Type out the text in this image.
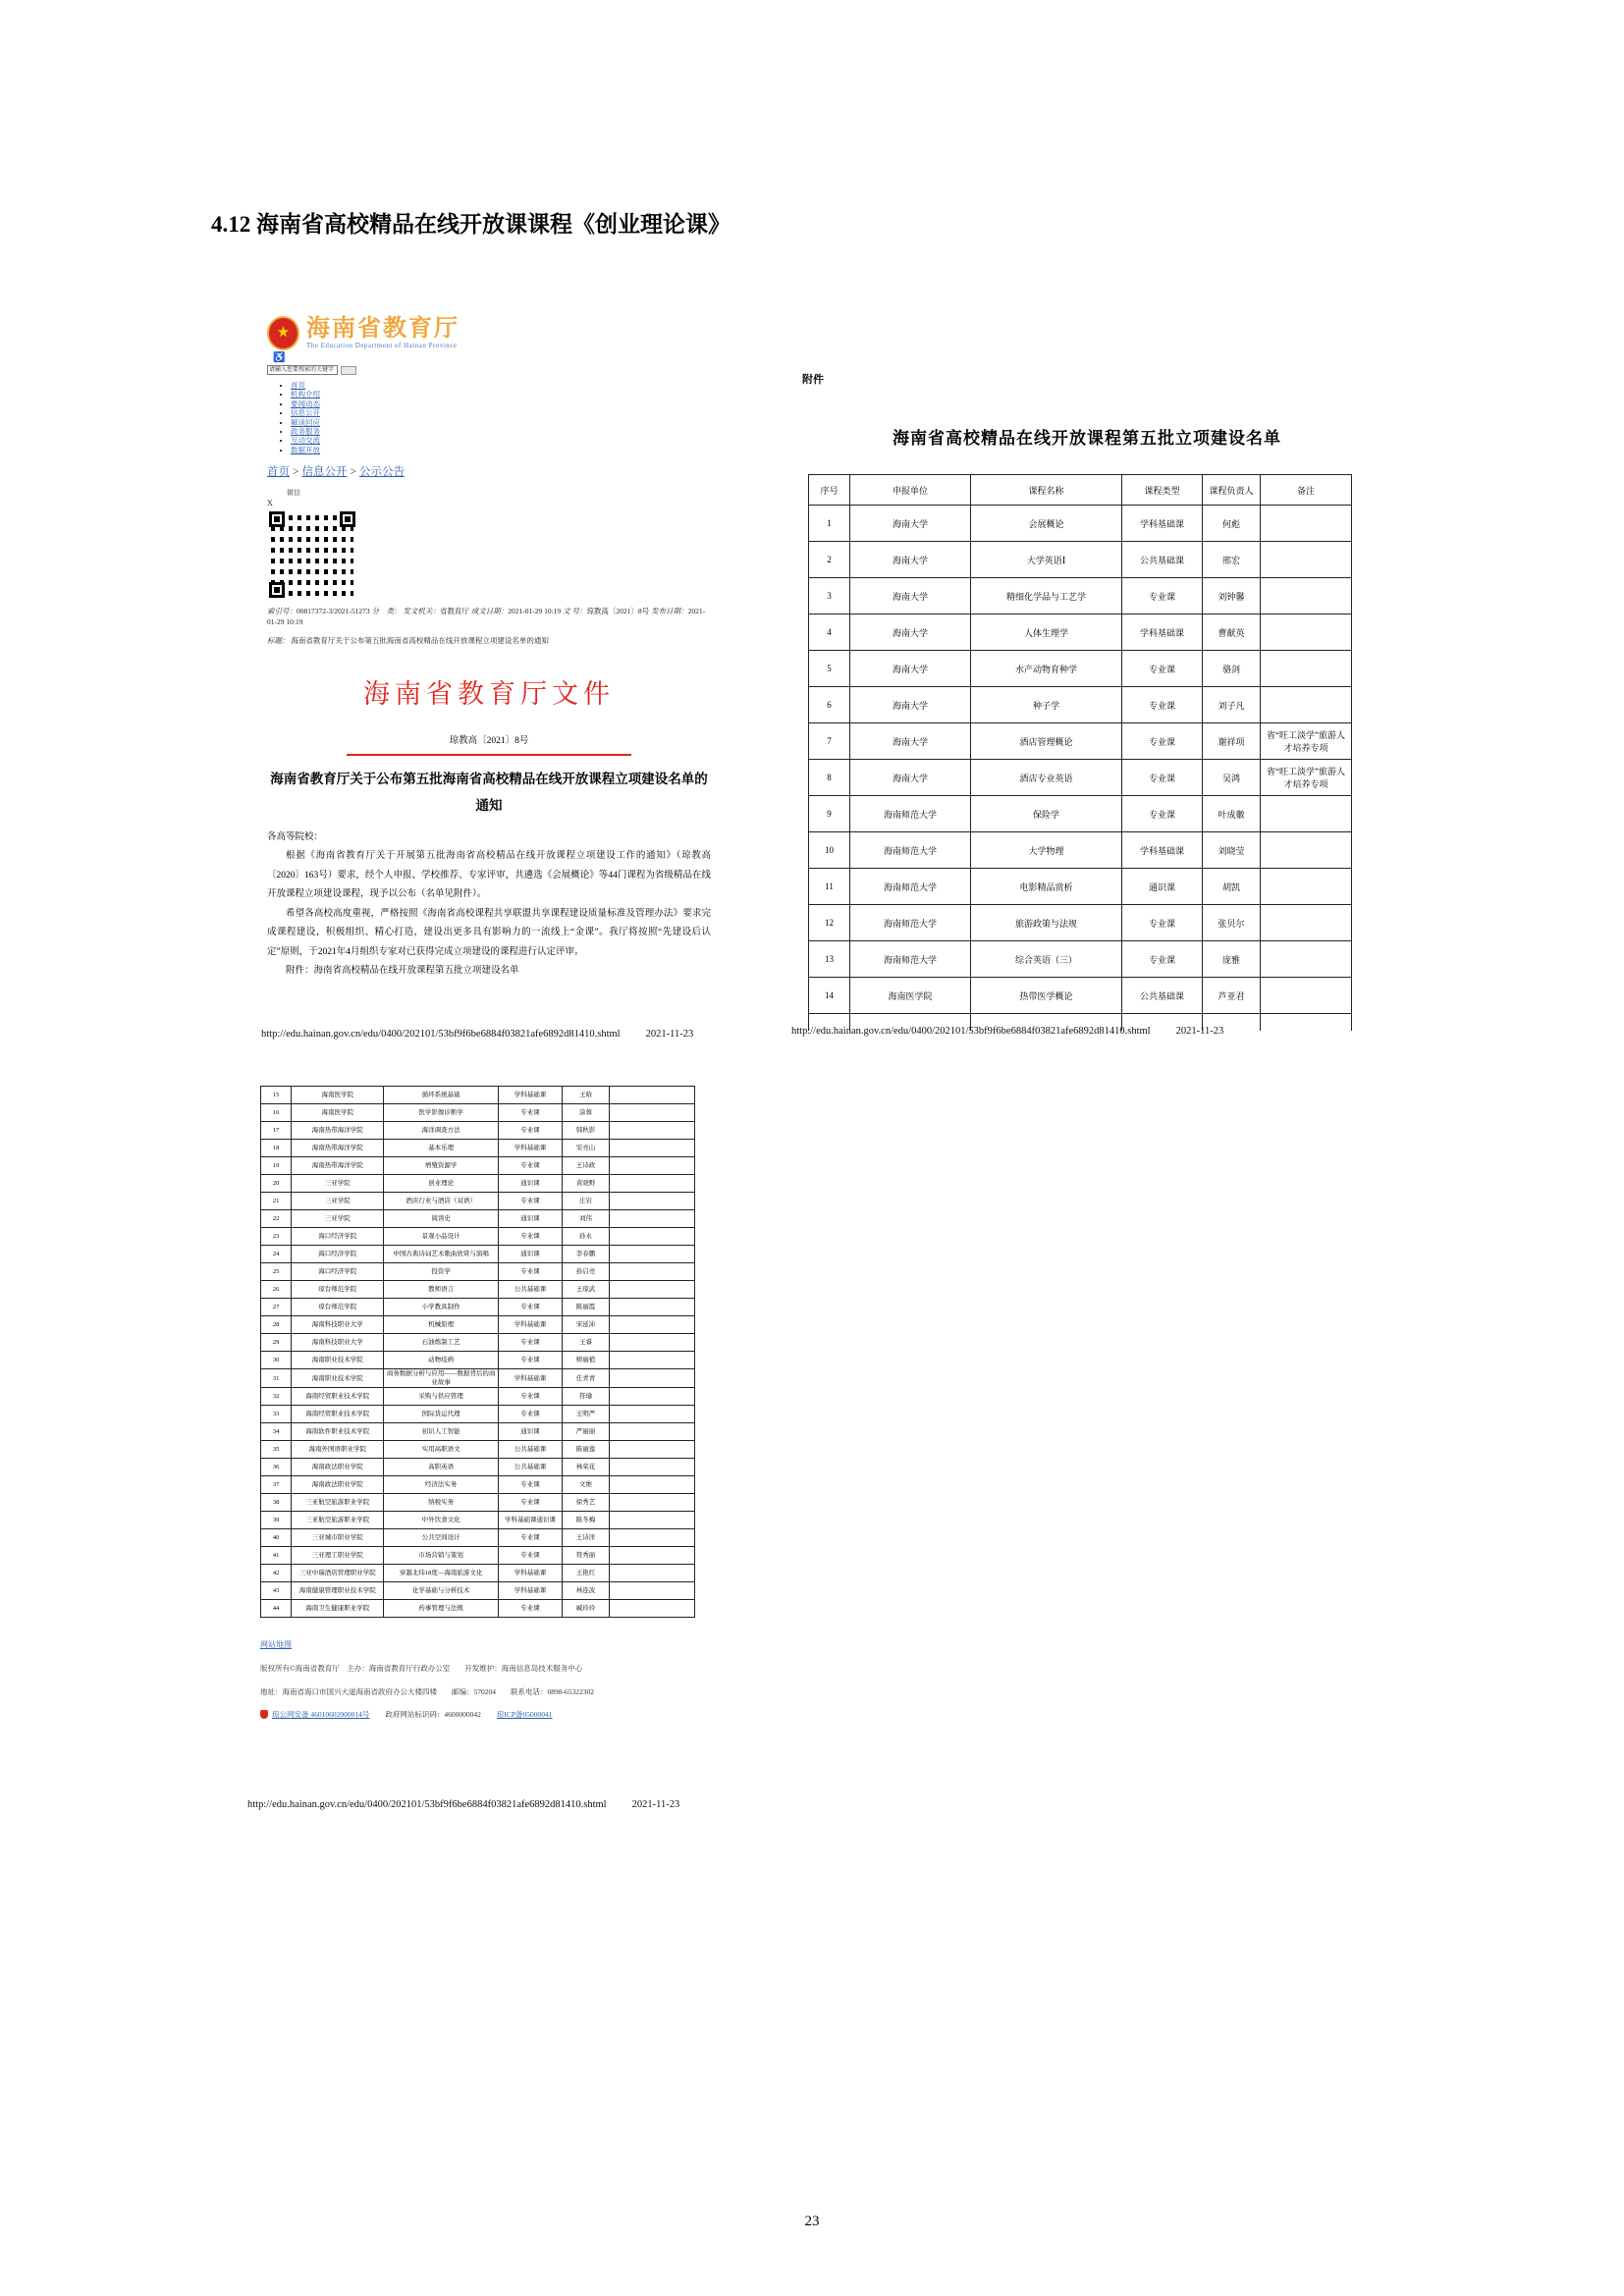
4.12 海南省高校精品在线开放课课程《创业理论课》
★ 海南省教育厅
The Education Department of Hainan Province
♿
请输入您要搜索的关键字
• 首页
• 机构介绍
• 要闻动态
• 信息公开
• 解读回应
• 政务服务
• 互动交流
• 数据开放
首页 > 信息公开 > 公示公告
微信
X
索引号：00817372-3/2021-51273 分　类： 发文机关：省教育厅 成文日期：2021-01-29 10:19 文 号：琼教高〔2021〕8号 发布日期：2021-01-29 10:19
标题： 海南省教育厅关于公布第五批海南省高校精品在线开放课程立项建设名单的通知
海南省教育厅文件
琼教高〔2021〕8号
海南省教育厅关于公布第五批海南省高校精品在线开放课程立项建设名单的通知

各高等院校：

根据《海南省教育厅关于开展第五批海南省高校精品在线开放课程立项建设工作的通知》（琼教高〔2020〕163号）要求，经个人申报、学校推荐、专家评审，共遴选《会展概论》等44门课程为省级精品在线开放课程立项建设课程，现予以公布（名单见附件）。

希望各高校高度重视，严格按照《海南省高校课程共享联盟共享课程建设质量标准及管理办法》要求完成课程建设，积极组织、精心打造，建设出更多具有影响力的一流线上“金课”。我厅将按照“先建设后认定”原则，于2021年4月组织专家对已获得完成立项建设的课程进行认定评审。

附件：海南省高校精品在线开放课程第五批立项建设名单

附件
海南省高校精品在线开放课程第五批立项建设名单
序号	申报单位	课程名称	课程类型	课程负责人	备注
1	海南大学	会展概论	学科基础课	何彪	
2	海南大学	大学英语Ⅰ	公共基础课	邢宏	
3	海南大学	精细化学品与工艺学	专业课	刘钟馨	
4	海南大学	人体生理学	学科基础课	曹献英	
5	海南大学	水产动物育种学	专业课	骆剑	
6	海南大学	种子学	专业课	刘子凡	
7	海南大学	酒店管理概论	专业课	谢祥项	省“旺工淡学”旅游人才培养专项
8	海南大学	酒店专业英语	专业课	吴鸿	省“旺工淡学”旅游人才培养专项
9	海南师范大学	保险学	专业课	叶成徽	
10	海南师范大学	大学物理	学科基础课	刘晓莹	
11	海南师范大学	电影精品赏析	通识课	胡凯	
12	海南师范大学	旅游政策与法规	专业课	张贝尔	
13	海南师范大学	综合英语（三）	专业课	庞雅	
14	海南医学院	热带医学概论	公共基础课	芦亚君	

15	海南医学院	循环系统基础	学科基础课	王晗	
16	海南医学院	医学影像诊断学	专业课	涂蓉	
17	海南热带海洋学院	海洋调查方法	专业课	韩秋影	
18	海南热带海洋学院	基本乐理	学科基础课	安亮山	
19	海南热带海洋学院	增殖资源学	专业课	王诗政	
20	三亚学院	创业理论	通识课	黄晓野	
21	三亚学院	酒店行业与酒店（双语）	专业课	庄岩	
22	三亚学院	阅读史	通识课	刘伟	
23	海口经济学院	景观小品设计	专业课	孙永	
24	海口经济学院	中国古典诗词艺术歌曲欣赏与演唱	通识课	李春鹏	
25	海口经济学院	投资学	专业课	孙启亮	
26	琼台师范学院	教师语言	公共基础课	王琼武	
27	琼台师范学院	小学教具制作	专业课	陈丽霞	
28	海南科技职业大学	机械原理	学科基础课	宋延沛	
29	海南科技职业大学	石油炼制工艺	专业课	王睿	
30	海南职业技术学院	动物疫病	专业课	师丽植	
31	海南职业技术学院	商务数据分析与应用——数据背后的商业故事	学科基础课	任青青	
32	海南经贸职业技术学院	采购与供应管理	专业课	符瑜	
33	海南经贸职业技术学院	国际货运代理	专业课	王明严	
34	海南软件职业技术学院	初识人工智能	通识课	严丽丽	
35	海南外国语职业学院	实用高职语文	公共基础课	陈丽莲	
36	海南政法职业学院	高职英语	公共基础课	林荣花	
37	海南政法职业学院	经济法实务	专业课	文维	
38	三亚航空旅游职业学院	纳税实务	专业课	徐秀艺	
39	三亚航空旅游职业学院	中外饮食文化	学科基础课通识课	陈冬梅	
40	三亚城市职业学院	公共空间设计	专业课	王诗洋	
41	三亚理工职业学院	市场营销与策划	专业课	符秀丽	
42	三亚中瑞酒店管理职业学院	穿越北纬18度—海南旅游文化	学科基础课	王艳红	
43	海南健康管理职业技术学院	化学基础与分析技术	学科基础课	林连波	
44	海南卫生健康职业学院	药事管理与法规	专业课	臧玲玲	
网站地图
版权所有©海南省教育厅　主办：海南省教育厅行政办公室　　开发维护：海南信息岛技术服务中心
地址：海南省海口市国兴大道海南省政府办公大楼四楼　　邮编：570204　　联系电话：0898-65322302
琼公网安备 46010602000014号 政府网站标识码：4600000042 琼ICP备05000041
http://edu.hainan.gov.cn/edu/0400/202101/53bf9f6be6884f03821afe6892d81410.shtml 2021-11-23	http://edu.hainan.gov.cn/edu/0400/202101/53bf9f6be6884f03821afe6892d81410.shtml 2021-11-23
http://edu.hainan.gov.cn/edu/0400/202101/53bf9f6be6884f03821afe6892d81410.shtml 2021-11-23
23
